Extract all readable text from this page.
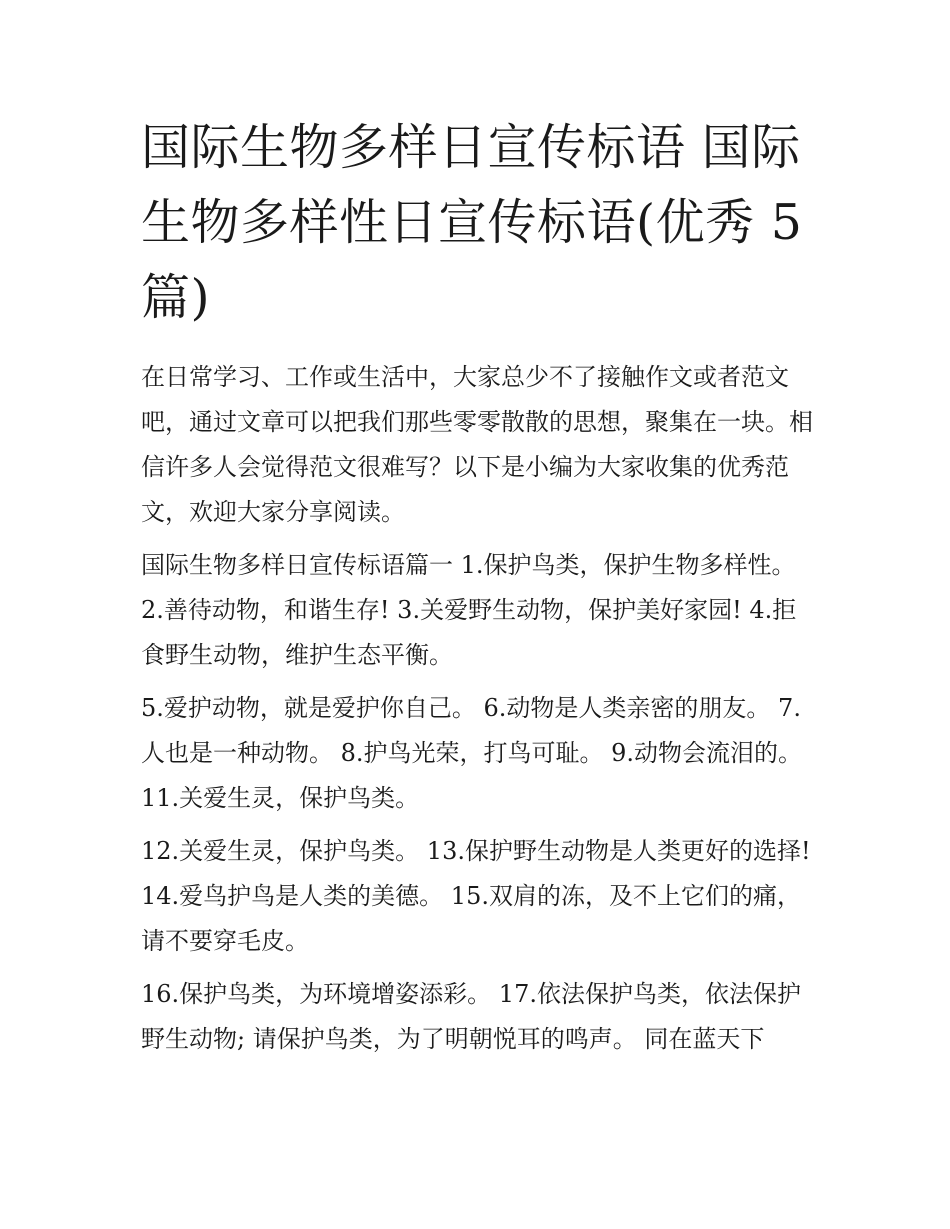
国际生物多样日宣传标语 国际生物多样性日宣传标语(优秀 5 篇)

在日常学习、工作或生活中，大家总少不了接触作文或者范文吧，通过文章可以把我们那些零零散散的思想，聚集在一块。相信许多人会觉得范文很难写？以下是小编为大家收集的优秀范文，欢迎大家分享阅读。

国际生物多样日宣传标语篇一 1.保护鸟类，保护生物多样性。2.善待动物，和谐生存! 3.关爱野生动物，保护美好家园! 4.拒食野生动物，维护生态平衡。

5.爱护动物，就是爱护你自己。 6.动物是人类亲密的朋友。 7.人也是一种动物。 8.护鸟光荣，打鸟可耻。 9.动物会流泪的。 11.关爱生灵，保护鸟类。

12.关爱生灵，保护鸟类。 13.保护野生动物是人类更好的选择! 14.爱鸟护鸟是人类的美德。 15.双肩的冻，及不上它们的痛，请不要穿毛皮。

16.保护鸟类，为环境增姿添彩。 17.依法保护鸟类，依法保护野生动物; 请保护鸟类，为了明朝悦耳的鸣声。 同在蓝天下
